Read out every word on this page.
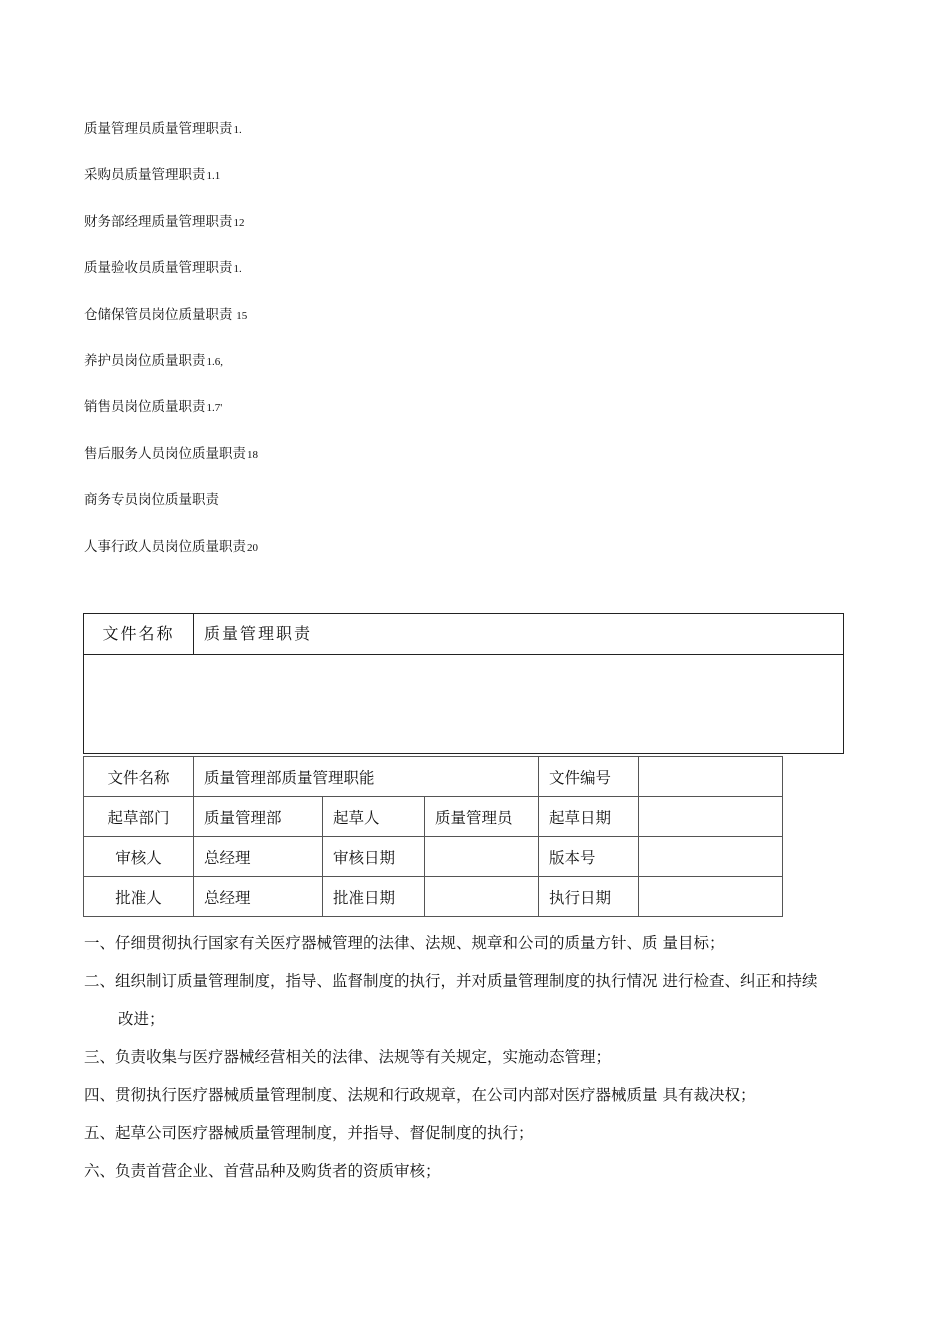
质量管理员质量管理职责1.
采购员质量管理职责1.1
财务部经理质量管理职责12
质量验收员质量管理职责1.
仓储保管员岗位质量职责 15
养护员岗位质量职责1.6,
销售员岗位质量职责1.7'
售后服务人员岗位质量职责18
商务专员岗位质量职责
人事行政人员岗位质量职责20
文件名称	质量管理职责
文件名称	质量管理部质量管理职能			文件编号	
起草部门	质量管理部	起草人	质量管理员	起草日期	
审核人	总经理	审核日期		版本号	
批准人	总经理	批准日期		执行日期	
一、仔细贯彻执行国家有关医疗器械管理的法律、法规、规章和公司的质量方针、质 量目标；
二、组织制订质量管理制度，指导、监督制度的执行，并对质量管理制度的执行情况 进行检查、纠正和持续
改进；
三、负责收集与医疗器械经营相关的法律、法规等有关规定，实施动态管理；
四、贯彻执行医疗器械质量管理制度、法规和行政规章，在公司内部对医疗器械质量 具有裁决权；
五、起草公司医疗器械质量管理制度，并指导、督促制度的执行；
六、负责首营企业、首营品种及购货者的资质审核；
